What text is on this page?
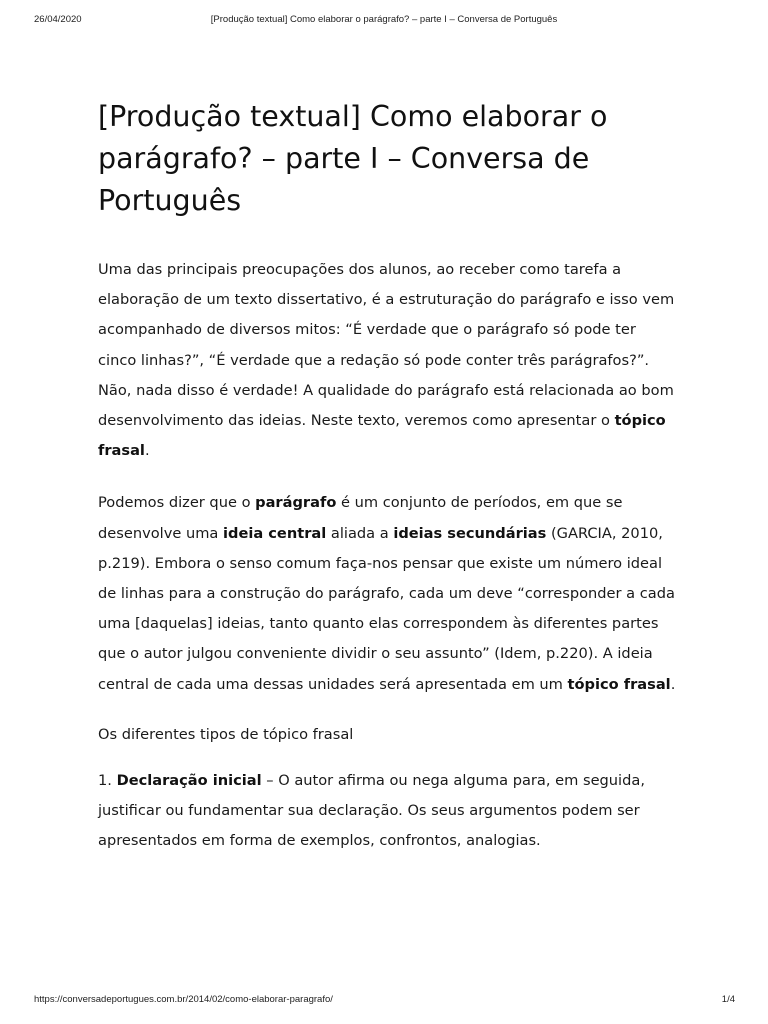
26/04/2020	[Produção textual] Como elaborar o parágrafo? – parte I – Conversa de Português
[Produção textual] Como elaborar o parágrafo? – parte I – Conversa de Português

Uma das principais preocupações dos alunos, ao receber como tarefa a elaboração de um texto dissertativo, é a estruturação do parágrafo e isso vem acompanhado de diversos mitos: “É verdade que o parágrafo só pode ter cinco linhas?”, “É verdade que a redação só pode conter três parágrafos?”. Não, nada disso é verdade! A qualidade do parágrafo está relacionada ao bom desenvolvimento das ideias. Neste texto, veremos como apresentar o tópico frasal.

Podemos dizer que o parágrafo é um conjunto de períodos, em que se desenvolve uma ideia central aliada a ideias secundárias (GARCIA, 2010, p.219). Embora o senso comum faça-nos pensar que existe um número ideal de linhas para a construção do parágrafo, cada um deve “corresponder a cada uma [daquelas] ideias, tanto quanto elas correspondem às diferentes partes que o autor julgou conveniente dividir o seu assunto” (Idem, p.220). A ideia central de cada uma dessas unidades será apresentada em um tópico frasal.

Os diferentes tipos de tópico frasal

1. Declaração inicial – O autor afirma ou nega alguma para, em seguida, justificar ou fundamentar sua declaração. Os seus argumentos podem ser apresentados em forma de exemplos, confrontos, analogias.

https://conversadeportugues.com.br/2014/02/como-elaborar-paragrafo/	1/4
